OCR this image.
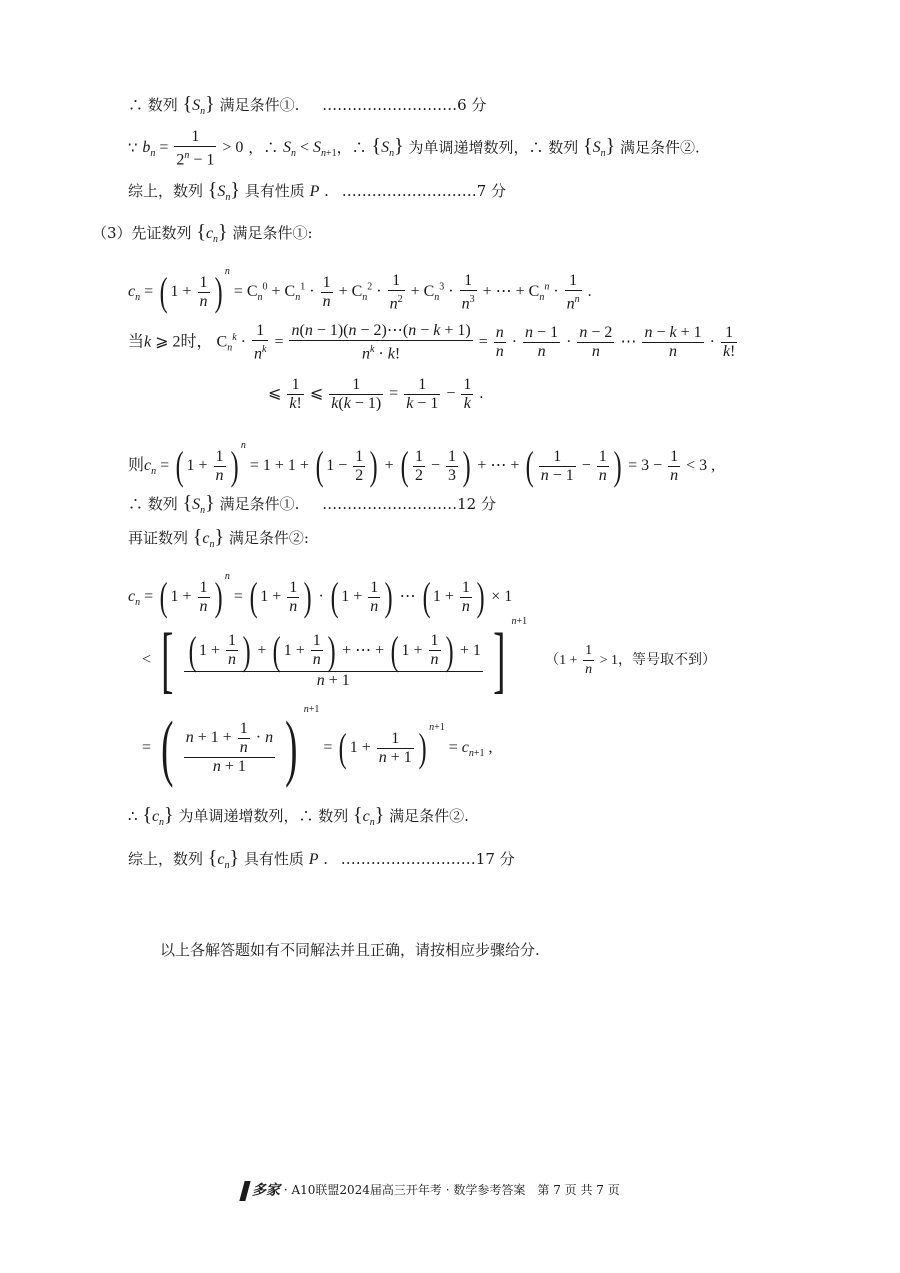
∴ 数列 $\{S_n\}$ 满足条件①. ………………………6 分
∵ $b_n = \frac{1}{2^n - 1} > 0$ ，∴ $S_n < S_{n+1}$，∴ $\{S_n\}$ 为单调递增数列，∴ 数列 $\{S_n\}$ 满足条件②.
综上，数列 $\{S_n\}$ 具有性质 P . ………………………7 分
（3）先证数列 $\{c_n\}$ 满足条件①:
$c_n$ = ( $1 + \frac{1}{n}$ ) $^n = C_n^0 + C_n^1 \cdot \frac{1}{n} + C_n^2 \cdot \frac{1}{n^2} + C_n^3 \cdot \frac{1}{n^3}$ + ⋯ + $C_n^n \cdot \frac{1}{n^n}$ .
当k ⩾ 2时， $C_n^k \cdot \frac{1}{n^k} = \frac{n(n - 1)(n - 2)\cdots(n - k + 1)}{n^k \cdot k!} = \frac{n}{n} \cdot \frac{n - 1}{n} \cdot \frac{n - 2}{n}$ ⋯ $\frac{n - k + 1}{n} \cdot \frac{1}{k!}$
⩽ $\frac{1}{k!}$ ⩽ $\frac{1}{k(k - 1)} = \frac{1}{k - 1} - \frac{1}{k}$ .
则$c_n$ = ( $1 + \frac{1}{n}$ ) $^n$ = 1 + 1 + ( $1 - \frac{1}{2}$ ) + ( $\frac{1}{2} - \frac{1}{3}$ ) + ⋯ + ( $\frac{1}{n - 1} - \frac{1}{n}$ ) = $3 - \frac{1}{n} < 3$ ,
∴ 数列 $\{S_n\}$ 满足条件①. ………………………12 分
再证数列 $\{c_n\}$ 满足条件②:
$c_n$ = ( $1 + \frac{1}{n}$ ) $^n$ = ( $1 + \frac{1}{n}$ ) · ( $1 + \frac{1}{n}$ ) ⋯ ( $1 + \frac{1}{n}$ ) × 1
< [ $\frac{( 1 + \frac{1}{n} ) + ( 1 + \frac{1}{n} ) + \cdots + ( 1 + \frac{1}{n} ) + 1}{n + 1}$ ] $^{n+1}$ （$1 + \frac{1}{n} > 1$，等号取不到）
= ( $\frac{n + 1 + \frac{1}{n} \cdot n}{n + 1}$ ) $^{n+1}$ = ( $1 + \frac{1}{n + 1}$ ) $^{n+1} = c_{n+1}$ ,
∴ $\{c_n\}$ 为单调递增数列，∴ 数列 $\{c_n\}$ 满足条件②.
综上，数列 $\{c_n\}$ 具有性质 P . ………………………17 分
以上各解答题如有不同解法并且正确，请按相应步骤给分.
多家 · A10联盟2024届高三开年考 · 数学参考答案　第 7 页 共 7 页
